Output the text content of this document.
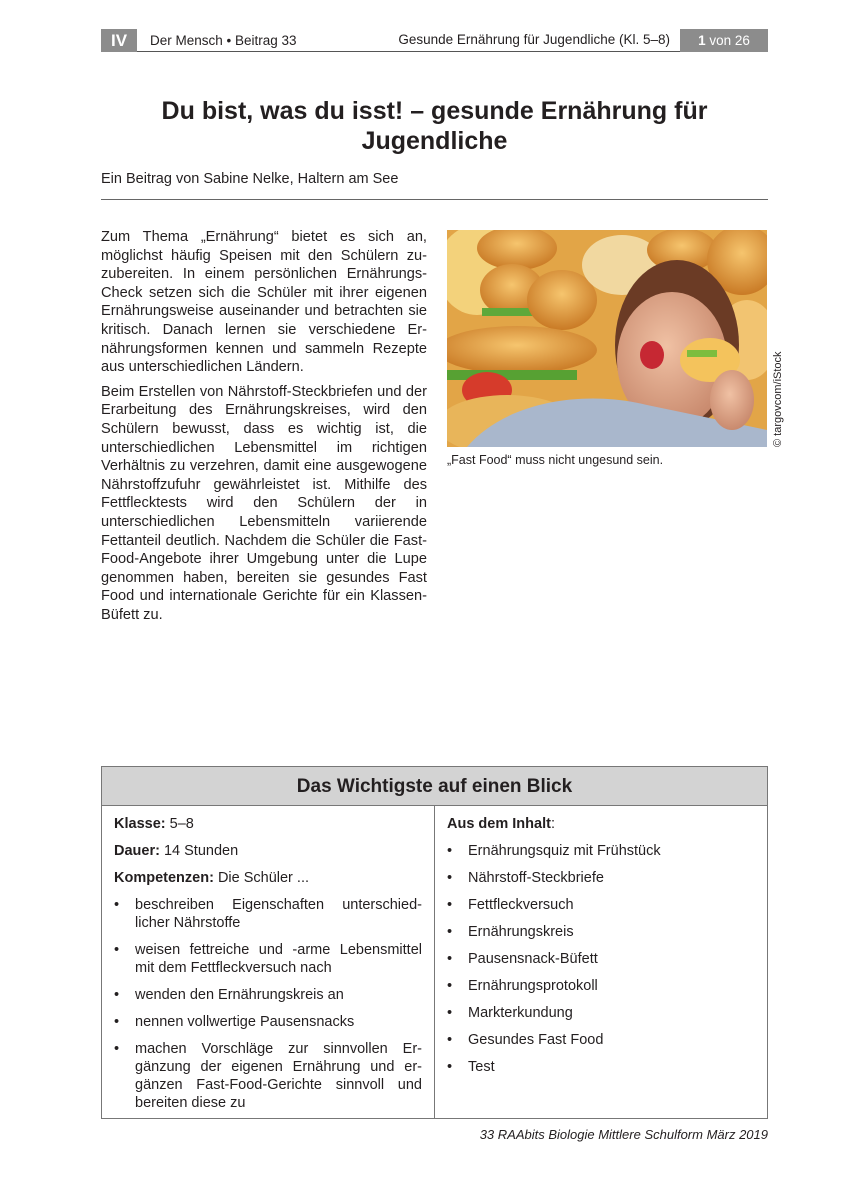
IV	Der Mensch • Beitrag 33	Gesunde Ernährung für Jugendliche (Kl. 5–8)	1 von 26
Du bist, was du isst! – gesunde Ernährung für Jugendliche
Ein Beitrag von Sabine Nelke, Haltern am See

Zum Thema „Ernährung“ bietet es sich an, möglichst häufig Speisen mit den Schülern zuzubereiten. In einem persönlichen Ernährungs-Check setzen sich die Schüler mit ihrer eigenen Ernährungsweise auseinander und betrachten sie kritisch. Danach lernen sie verschiedene Ernährungsformen kennen und sammeln Rezepte aus unterschiedlichen Ländern.

Beim Erstellen von Nährstoff-Steckbriefen und der Erarbeitung des Ernährungskreises, wird den Schülern bewusst, dass es wichtig ist, die unterschiedlichen Lebensmittel im richtigen Verhältnis zu verzehren, damit eine ausgewogene Nährstoffzufuhr gewährleistet ist. Mithilfe des Fettflecktests wird den Schülern der in unterschiedlichen Lebensmitteln variierende Fettanteil deutlich. Nachdem die Schüler die Fast-Food-Angebote ihrer Umgebung unter die Lupe genommen haben, bereiten sie gesundes Fast Food und internationale Gerichte für ein Klassen-Büfett zu.

© targovcom/iStock
„Fast Food“ muss nicht ungesund sein.
Das Wichtigste auf einen Blick
Klasse: 5–8
Dauer: 14 Stunden
Kompetenzen: Die Schüler ...
• beschreiben Eigenschaften unterschiedlicher Nährstoffe
• weisen fettreiche und -arme Lebensmittel mit dem Fettfleckversuch nach
• wenden den Ernährungskreis an
• nennen vollwertige Pausensnacks
• machen Vorschläge zur sinnvollen Ergänzung der eigenen Ernährung und ergänzen Fast-Food-Gerichte sinnvoll und bereiten diese zu
Aus dem Inhalt:
• Ernährungsquiz mit Frühstück
• Nährstoff-Steckbriefe
• Fettfleckversuch
• Ernährungskreis
• Pausensnack-Büfett
• Ernährungsprotokoll
• Markterkundung
• Gesundes Fast Food
• Test
33 RAAbits Biologie Mittlere Schulform März 2019
